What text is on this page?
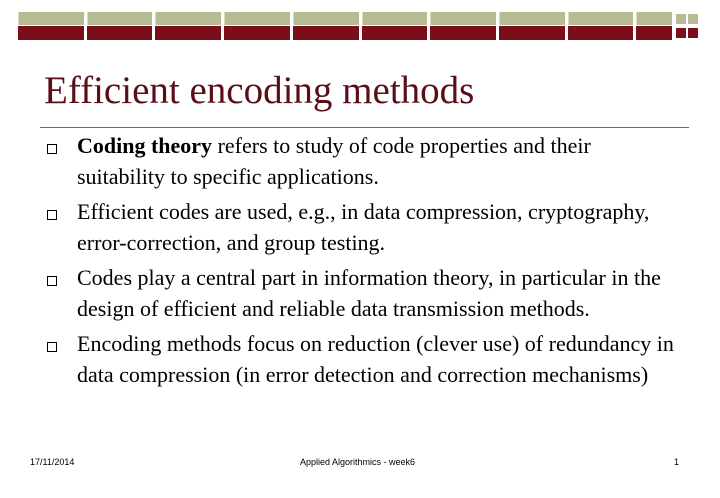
Efficient encoding methods
Coding theory refers to study of code properties and their suitability to specific applications.
Efficient codes are used, e.g., in data compression, cryptography, error-correction, and group testing.
Codes play a central part in information theory, in particular in the design of efficient and reliable data transmission methods.
Encoding methods focus on reduction (clever use) of redundancy in data compression (in error detection and correction mechanisms)
17/11/2014	Applied Algorithmics - week6	1
